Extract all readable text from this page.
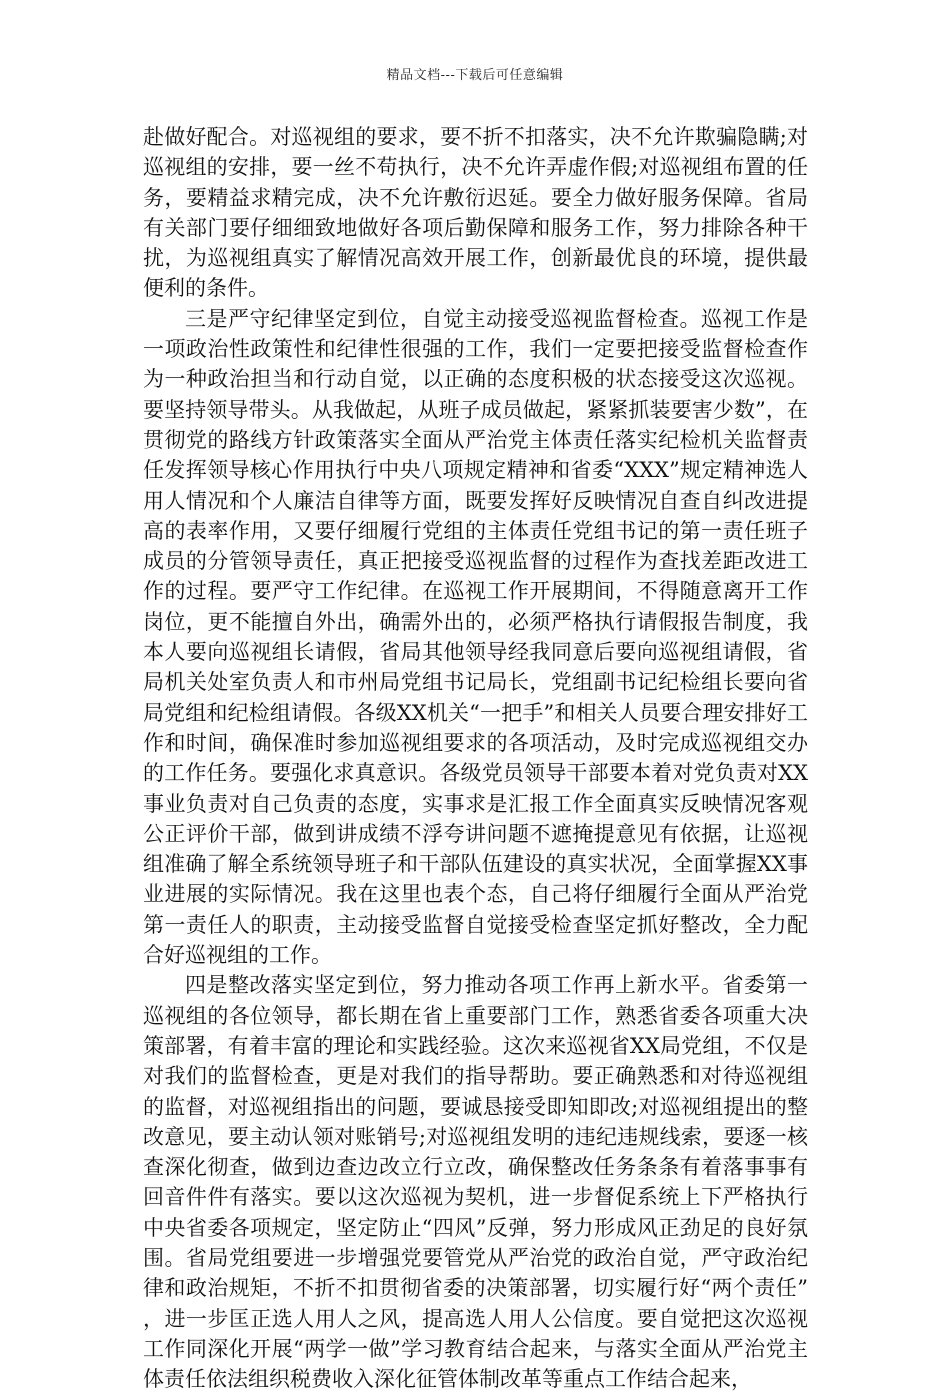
精品文档---下载后可任意编辑

赴做好配合。对巡视组的要求，要不折不扣落实，决不允许欺骗隐瞒;对巡视组的安排，要一丝不苟执行，决不允许弄虚作假;对巡视组布置的任务，要精益求精完成，决不允许敷衍迟延。要全力做好服务保障。省局有关部门要仔细细致地做好各项后勤保障和服务工作，努力排除各种干扰，为巡视组真实了解情况高效开展工作，创新最优良的环境，提供最便利的条件。

三是严守纪律坚定到位，自觉主动接受巡视监督检查。巡视工作是一项政治性政策性和纪律性很强的工作，我们一定要把接受监督检查作为一种政治担当和行动自觉，以正确的态度积极的状态接受这次巡视。要坚持领导带头。从我做起，从班子成员做起，紧紧抓装要害少数”，在贯彻党的路线方针政策落实全面从严治党主体责任落实纪检机关监督责任发挥领导核心作用执行中央八项规定精神和省委“XXX”规定精神选人用人情况和个人廉洁自律等方面，既要发挥好反映情况自查自纠改进提高的表率作用，又要仔细履行党组的主体责任党组书记的第一责任班子成员的分管领导责任，真正把接受巡视监督的过程作为查找差距改进工作的过程。要严守工作纪律。在巡视工作开展期间，不得随意离开工作岗位，更不能擅自外出，确需外出的，必须严格执行请假报告制度，我本人要向巡视组长请假，省局其他领导经我同意后要向巡视组请假，省局机关处室负责人和市州局党组书记局长，党组副书记纪检组长要向省局党组和纪检组请假。各级XX机关“一把手”和相关人员要合理安排好工作和时间，确保准时参加巡视组要求的各项活动，及时完成巡视组交办的工作任务。要强化求真意识。各级党员领导干部要本着对党负责对XX事业负责对自己负责的态度，实事求是汇报工作全面真实反映情况客观公正评价干部，做到讲成绩不浮夸讲问题不遮掩提意见有依据，让巡视组准确了解全系统领导班子和干部队伍建设的真实状况，全面掌握XX事业进展的实际情况。我在这里也表个态，自己将仔细履行全面从严治党第一责任人的职责，主动接受监督自觉接受检查坚定抓好整改，全力配合好巡视组的工作。

四是整改落实坚定到位，努力推动各项工作再上新水平。省委第一巡视组的各位领导，都长期在省上重要部门工作，熟悉省委各项重大决策部署，有着丰富的理论和实践经验。这次来巡视省XX局党组，不仅是对我们的监督检查，更是对我们的指导帮助。要正确熟悉和对待巡视组的监督，对巡视组指出的问题，要诚恳接受即知即改;对巡视组提出的整改意见，要主动认领对账销号;对巡视组发明的违纪违规线索，要逐一核查深化彻查，做到边查边改立行立改，确保整改任务条条有着落事事有回音件件有落实。要以这次巡视为契机，进一步督促系统上下严格执行中央省委各项规定，坚定防止“四风”反弹，努力形成风正劲足的良好氛围。省局党组要进一步增强党要管党从严治党的政治自觉，严守政治纪律和政治规矩，不折不扣贯彻省委的决策部署，切实履行好“两个责任”，进一步匡正选人用人之风，提高选人用人公信度。要自觉把这次巡视工作同深化开展“两学一做”学习教育结合起来，与落实全面从严治党主体责任依法组织税费收入深化征管体制改革等重点工作结合起来，
